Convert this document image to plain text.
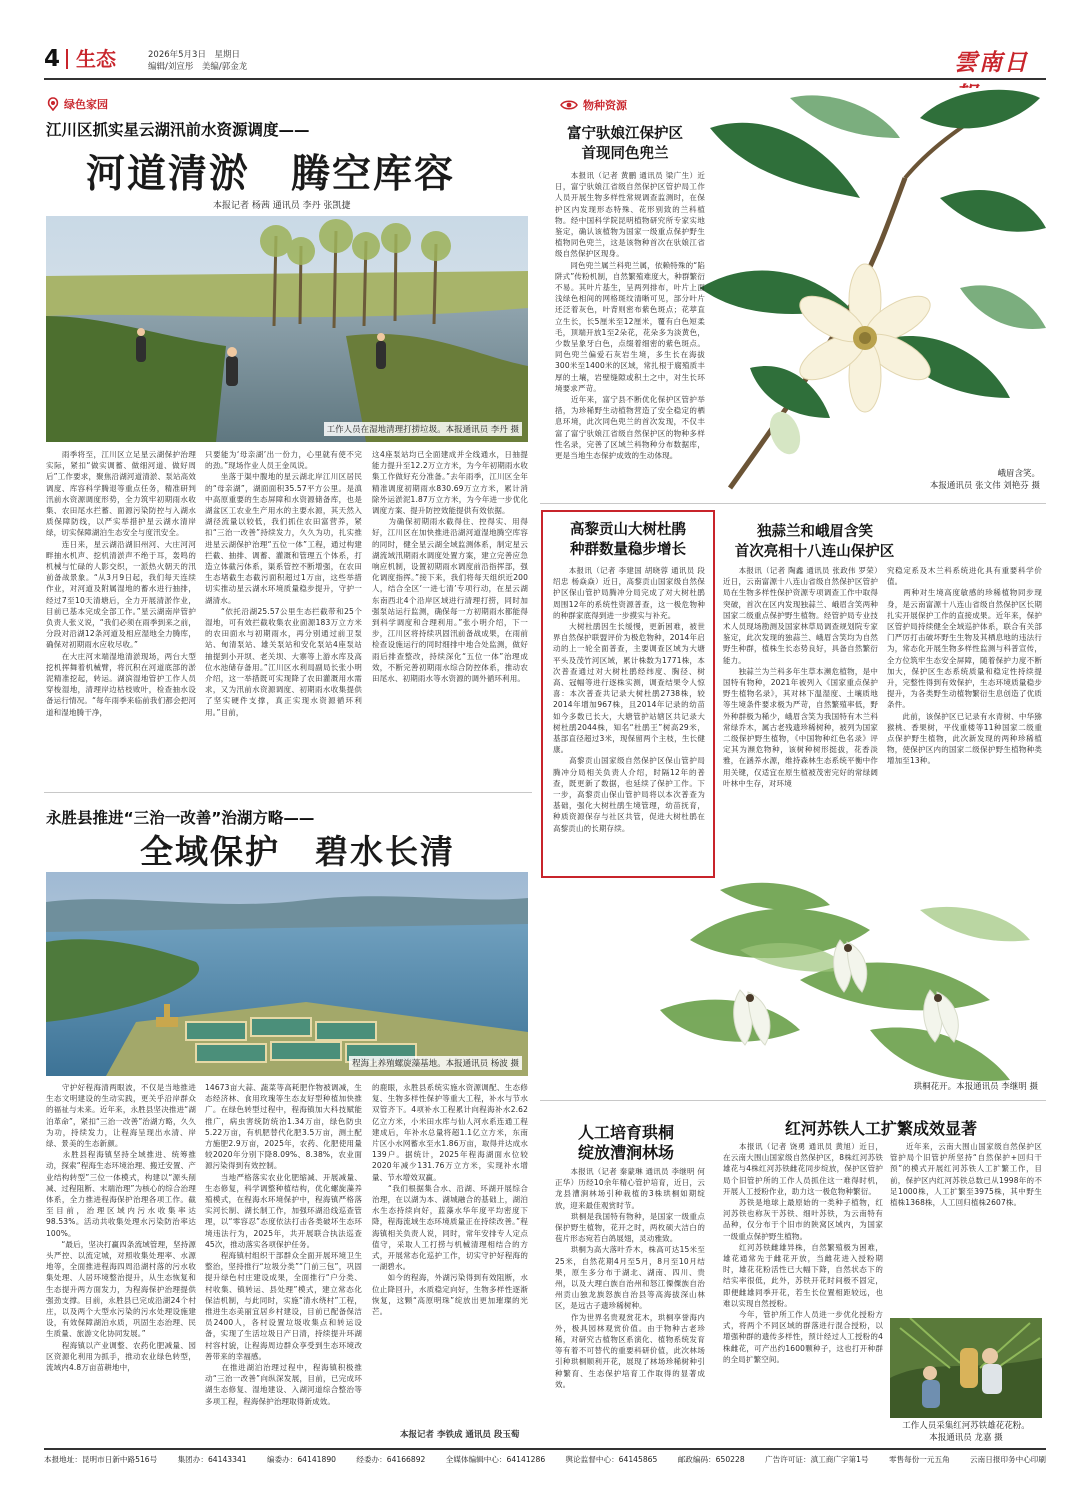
4 生态	2026年5月3日　星期日
编辑/刘宣彤　美编/郭金龙	雲南日
绿色家园
江川区抓实星云湖汛前水资源调度——
河道清淤　腾空库容
本报记者 杨茜 通讯员 李丹 张凯捷
工作人员在湿地清理打捞垃圾。本报通讯员 李丹 摄
　　雨季将至，江川区立足星云湖保护治理实际，紧扣“做实调蓄、做细河道、做好周后”工作要求，聚焦沿湖河道清淤、泵站高效调度、库容科学腾退等重点任务，精准研判汛前水资源调度形势，全力筑牢初期雨水收集、农田尾水拦蓄、面源污染防控与入湖水质保障防线，以严实举措护星云湖水清岸绿，切实保障湖泊生态安全与度汛安全。
　　连日来，星云湖沿湖旧州河、大庄河河畔抽水机声、挖机清淤声不绝于耳，轰鸣的机械与忙碌的人影交织，一派热火朝天的汛前备战景象。“从3月9日起，我们每天连续作业，对河道及附属湿地的蓄水进行抽排，经过7至10天清塘后，全力开展清淤作业，目前已基本完成全部工作。”星云湖南岸管护负责人张义说，“我们必须在雨季到来之前，分段对沿湖12条河道及相应湿地全力腾库，确保对初期雨水应收尽收。”
　　在大庄河末端湿地清淤现场，两台大型挖机挥舞着机械臂，将沉积在河道底部的淤泥精准挖起，转运。湖滨湿地管护工作人员穿梭湿地，清理岸边枯枝败叶，检查抽水设备运行情况。“每年雨季来临前我们都会把河道和湿地腾干净，
只要能为‘母亲湖’出一份力，心里就有使不完的劲。”现场作业人员王金凤说。
　　坐落于渠中腹地的星云湖北岸江川区居民的“母亲湖”，湖面面积35.57平方公里。是滇中高原重要的生态屏障和水资源储备库，也是湖盆区工农业生产用水的主要水源，其天然入湖径流量以较低，我们抓住农田富营养，紧扣“三治一改善”持续发力，久久为功，扎实推进星云湖保护治理“五位一体”工程，通过构建拦截、抽排、调蓄、灌溉和管理五个体系，打造立体截污体系，渠系管控不断增强，在农田生态堵截生态截污面积超过1万亩，这些举措切实推动星云湖水环境质量稳步提升，守护一湖清水。
　　“依托沿湖25.57公里生态拦截带和25个湿地，可有效拦截收集农业面源183万立方米的农田面水与初期雨水，再分别通过前卫泵站、甸清泵站、雄关泵站和安化泵站4座泵站抽提到小开坝、老关坝、大寨等上游水库及高位水池储存备用。”江川区水利局副局长张小明介绍，这一举措既可实现降了农田灌溉用水需求，又为汛前水资源调度、初期雨水收集提供了坚实硬件支撑，真正实现水资源循环利用。”目前，
这4座泵站均已全面建成并全线通水，日抽提能力提升至12.2万立方米，为今年初期雨水收集工作做好充分准备。”去年雨季，江川区全年精准调度初期雨水830.69万立方米，累计消除外运淤泥1.87万立方米，为今年进一步优化调度方案、提升防控效能提供有效依据。
　　为确保初期雨水截得住、控得实、用得好，江川区在加快推进沿湖河道湿地腾空库容的同时，健全星云湖全域监测体系，制定星云湖流域汛期雨水调度处置方案，建立完善应急响应机制，设置初期雨水调度前沿指挥部，强化调度指挥。”接下来，我们将每天组织近200人，结合全区‘一进七清’专项行动，在星云湖东南西北4个沿岸区域进行清理打捞，同时加强泵站运行监测，确保每一方初期雨水都能得到科学调度和合理利用。”张小明介绍，下一步，江川区将持续巩固汛前备战成果，在雨前检查设施运行的同时细排中地合处监测，做好雨后排查整改，持续深化“五位一体”治理成效，不断完善初期雨水综合防控体系，推动农田尾水、初期雨水等水资源的调外循环利用。
永胜县推进“三治一改善”治湖方略——
全域保护　碧水长清
程海上养殖螺旋藻基地。本报通讯员 杨波 摄
　　守护好程海清两眼波，不仅是当地推进生态文明建设的生动实践，更关乎沿岸群众的福祉与未来。近年来，永胜县坚决推进“湖泊革命”，紧扣“三治一改善”治湖方略，久久为功，持续发力，让程海呈现出水清、岸绿、景美的生态新颜。
　　永胜县程海镇坚持全域推进、统筹推动，探索“程海生态环境治理、搬迁安置、产业结构转型”三位一体模式，构建以“源头削减、过程阻断、末端治理”为核心的综合治理体系，全力推进程海保护治理各项工作。截至目前，治理区域内污水收集率达98.53%。活动共收集处理水污染防治率达100%。
　　“最后，坚决打赢四条流域管理，坚持源头严控、以流定城，对照收集处理率、水源地等，全面推进程海四周沿湖村落的污水收集处理、人居环境整治提升，从生态恢复和生态提升两方面发力，为程海保护治理提供强劲支撑。目前，永胜县已完成沿湖24个村庄，以及两个大型水污染的污水处理设施建设，有效保障湖泊水质，巩固生态治理、民生质量、旅游文化协同发展。”
　　程海镇以产业调整、农药化肥减量、园区资源化利用为抓手，推动农业绿色转型，流域内4.8万亩苗耕地中，
14673亩大蒜、蔬菜等高耗肥作物被调减，生态经济林、食用玫瑰等生态友好型种植加快推广。在绿色转型过程中，程海镇加大科技赋能推广，病虫害统防统治1.34万亩，绿色防虫5.22万亩，有机肥替代化肥3.5万亩，测土配方施肥2.9万亩，2025年，农药、化肥使用量较2020年分别下降8.09%、8.38%，农业面源污染得到有效控制。
　　当地严格落实农业化肥缩减、开展减量、生态修复，科学调整种植结构，优化螺旋藻养殖模式，在程海水环境保护中，程海镇严格落实河长制、湖长制工作，加强环湖沿线巡查管理，以“零容忍”态度依法打击各类破坏生态环境违法行为，2025年，共开展联合执法巡查45次，推动落实各项保护任务。
　　程海镇村组织干部群众全面开展环境卫生整治，坚持推行“垃圾分类”“门前三包”，巩固提升绿色村庄建设成果，全面推行“户分类、村收集、镇转运、县处理”模式，建立常态化保洁机制，与此同时，实施“清水绕村”工程，推进生态美丽宜居乡村建设，目前已配备保洁员2400人，各村设置垃圾收集点和转运设备，实现了生活垃圾日产日清，持续提升环湖村容村貌，让程海周边群众享受到生态环境改善带来的幸福感。
　　在推进湖泊治理过程中，程海镇积极推动“三治一改善”向纵深发展，目前，已完成环湖生态修复、湿地建设、入湖河道综合整治等多项工程，程海保护治理取得新成效。
的鹿眼，永胜县系统实施水资源调配、生态修复、生物多样性保护等重大工程，补水与节水双管齐下。4项补水工程累计向程海补水2.62亿立方米，小米田水库与仙人河水系连通工程建成后，年补水总量将超1.1亿立方米，东南片区小水网蓄水至水1.86万亩，取得并达成水139户。据统计，2025年程海湖面水位较2020年减少131.76万立方米，实现补水增量、节水增效双赢。
　　“我们根据集合水、沿湖、环湖开展综合治理，在以湖为本、湖城融合的基础上，湖泊水生态持续向好，蓝藻水华年度平均密度下降，程海流域生态环境质量正在持续改善。”程海镇相关负责人说，同时，常年安排专人定点值守，采取人工打捞与机械清理相结合的方式，开展常态化巡护工作，切实守护好程海的一湖碧水。
　　如今的程海，外湖污染得到有效阻断，水位止降回升，水质稳定向好，生物多样性逐渐恢复，这颗“高原明珠”绽放出更加璀璨的光芒。
峨眉含笑。
本报通讯员 张文伟 刘艳芬 摄
物种资源
富宁驮娘江保护区
首现同色兜兰
　　本报讯（记者 黄鹏 通讯员 梁广生）近日，富宁驮娘江省级自然保护区管护局工作人员开展生物多样性常规调查监测时，在保护区内发现形态特殊、花形别致的兰科植物。经中国科学院昆明植物研究所专家实地鉴定，确认该植物为国家一级重点保护野生植物同色兜兰，这是该物种首次在驮娘江省级自然保护区现身。
　　同色兜兰属兰科兜兰属，依赖特殊的“陷阱式”传粉机制，自然繁殖难度大，种群繁衍不易。其叶片基生，呈两列排布，叶片上面浅绿色相间的网格斑纹清晰可见，部分叶片还泛着灰色，叶背则密布紫色斑点；花葶直立生长，长5厘米至12厘米，覆有白色短柔毛，顶端开放1至2朵花，花朵多为淡黄色，少数呈象牙白色，点缀着细密的紫色斑点。同色兜兰偏爱石灰岩生境，多生长在海拔300米至1400米的区域，常扎根于腐殖质丰厚的土壤，岩壁缝隙或积土之中，对生长环境要求严苛。
　　近年来，富宁县不断优化保护区管护举措，为珍稀野生动植物营造了安全稳定的栖息环境，此次同色兜兰的首次发现，不仅丰富了富宁驮娘江省级自然保护区的物种多样性名录，完善了区域兰科物种分布数据库，更是当地生态保护成效的生动体现。
高黎贡山大树杜鹃
种群数量稳步增长
　　本报讯（记者 李建国 胡晓蓉 通讯员 段绍忠 杨焱焱）近日，高黎贡山国家级自然保护区保山管护局腾冲分局完成了对大树杜鹃周围12年的系统性资源普查，这一极危物种的种群家底得到进一步摸实与补充。
　　大树杜鹃因生长缓慢，更新困难，被世界自然保护联盟评价为极危物种，2014年启动的上一轮全面普查，主要调查区域为大塘平头及茂竹河区域，累计株数为1771株，本次普查通过对大树杜鹃经纬度、胸径、树高、冠幅等进行逐株实测，调查结果令人惊喜：本次普查共记录大树杜鹃2738株，较2014年增加967株，且2014年记录的幼苗如今多数已长大，大塘管护站辖区共记录大树杜鹃2044株，知名“杜鹃王”树高29米，基部直径超过3米，现保留两个主枝，生长健康。
　　高黎贡山国家级自然保护区保山管护局腾冲分局相关负责人介绍，时隔12年的普查，既更新了数据，也延续了保护工作。下一步，高黎贡山保山管护局将以本次普查为基础，强化大树杜鹃生境管理，幼苗抚育，种质资源保存与社区共管，促进大树杜鹃在高黎贡山的长期存续。
独蒜兰和峨眉含笑
首次亮相十八连山保护区
　　本报讯（记者 陶鑫 通讯员 张政伟 罗荣）近日，云南富源十八连山省级自然保护区管护局在生物多样性保护资源专项调查工作中取得突破，首次在区内发现独蒜兰、峨眉含笑两种国家二级重点保护野生植物。经管护局专业技术人员现场勘测及国家林草局调查规划院专家鉴定，此次发现的独蒜兰、峨眉含笑均为自然野生种群，植株生长态势良好，具备自然繁衍能力。
　　独蒜兰为兰科多年生草本濒危植物，是中国特有物种，2021年被列入《国家重点保护野生植物名录》，其对林下温湿度、土壤质地等生境条件要求极为严苛，自然繁殖率低，野外种群极为稀少，峨眉含笑为我国特有木兰科常绿乔木，属古老残遗珍稀树种，被列为国家二级保护野生植物，《中国物种红色名录》评定其为濒危物种，该树种树形挺拔，花香淡雅，在涵养水源，维持森林生态系统平衡中作用关键，仅适宜在原生植被茂密完好的常绿阔叶林中生存，对环境
究稳定系及木兰科系统进化具有重要科学价值。
　　两种对生境高度敏感的珍稀植物同步现身，是云南富源十八连山省级自然保护区长期扎实开展保护工作的直接成果。近年来，保护区管护局持续健全全域巡护体系，联合有关部门严厉打击破坏野生生物及其栖息地的违法行为，常态化开展生物多样性监测与科普宣传，全方位筑牢生态安全屏障，随着保护力度不断加大，保护区生态系统质量和稳定性持续提升，完整性得到有效保护，生态环境质量稳步提升，为各类野生动植物繁衍生息创造了优质条件。
　　此前，该保护区已记录有水青树、中华猕猴桃、香果树，平伐重楼等11种国家二级重点保护野生植物，此次新发现的两种珍稀植物，使保护区内的国家二级保护野生植物种类增加至13种。
珙桐花开。本报通讯员 李继明 摄
人工培育珙桐
绽放漕涧林场
　　本报讯（记者 秦蒙琳 通讯员 李继明 何正华）历经10余年精心管护培育，近日，云龙县漕涧林场引种栽植的3株珙桐如期绽放，迎来最佳观赏时节。
　　珙桐是我国特有物种，是国家一级重点保护野生植物，花开之时，两枚硕大洁白的苞片形态宛若白鸽展翅，灵动雅致。
　　珙桐为高大落叶乔木，株高可达15米至25米，自然花期4月至5月，8月至10月结果，原生多分布于湖北、湖南、四川、贵州，以及大理白族自治州和怒江傈僳族自治州贡山独龙族怒族自治县等高海拔深山林区，是远古子遗珍稀树种。
　　作为世界名贵观赏花木，珙桐享誉海内外，极具园林观赏价值。由于物种古老珍稀，对研究古植物区系演化、植物系统发育等有着不可替代的重要科研价值，此次林场引种珙桐顺利开花，展现了林场珍稀树种引种繁育、生态保护培育工作取得的显著成效。
本报记者 李铁成 通讯员 段玉萄
红河苏铁人工扩繁成效显著
　　本报讯（记者 饶勇 通讯员 黄旭）近日，在云南大围山国家级自然保护区，8株红河苏铁雄花与4株红河苏铁雌花同步绽放，保护区管护局个旧管护所的工作人员抓住这一难得时机，开展人工授粉作业，助力这一极危物种繁衍。
　　苏铁是地球上最原始的一类种子植物，红河苏铁也称灰干苏铁、细叶苏铁，为云南特有品种，仅分布于个旧市的陕窝区域内，为国家一级重点保护野生植物。
　　红河苏铁雌雄异株，自然繁殖极为困难，雄花通常先于雌花开放，当雌花进入授粉期时，雄花花粉活性已大幅下降，自然状态下的结实率很低，此外，苏铁开花时间极不固定，即便雌雄同季开花，若生长位置相距较远，也难以实现自然授粉。
　　今年，管护所工作人员进一步优化授粉方式，将两个不同区域的群落进行混合授粉，以增强种群的遗传多样性，预计经过人工授粉的4株雌花，可产出约1600颗种子，这也打开种群的全局扩繁空间。
　　近年来，云南大围山国家级自然保护区管护局个旧管护所坚持“自然保护+回归干预”的模式开展红河苏铁人工扩繁工作，目前，保护区内红河苏铁总数已从1998年的不足1000株，人工扩繁至3975株，其中野生植株1368株，人工回归植株2607株。
工作人员采集红河苏铁雄花花粉。
本报通讯员 龙嘉 摄
本报地址：昆明市日新中路516号	集团办：64143341	编委办：64141890	经委办：64166892	全媒体编辑中心：64141286	舆论监督中心：64145865	邮政编码：650228	广告许可证：滇工商广字第1号	零售每份一元五角	云南日报印务中心印刷
